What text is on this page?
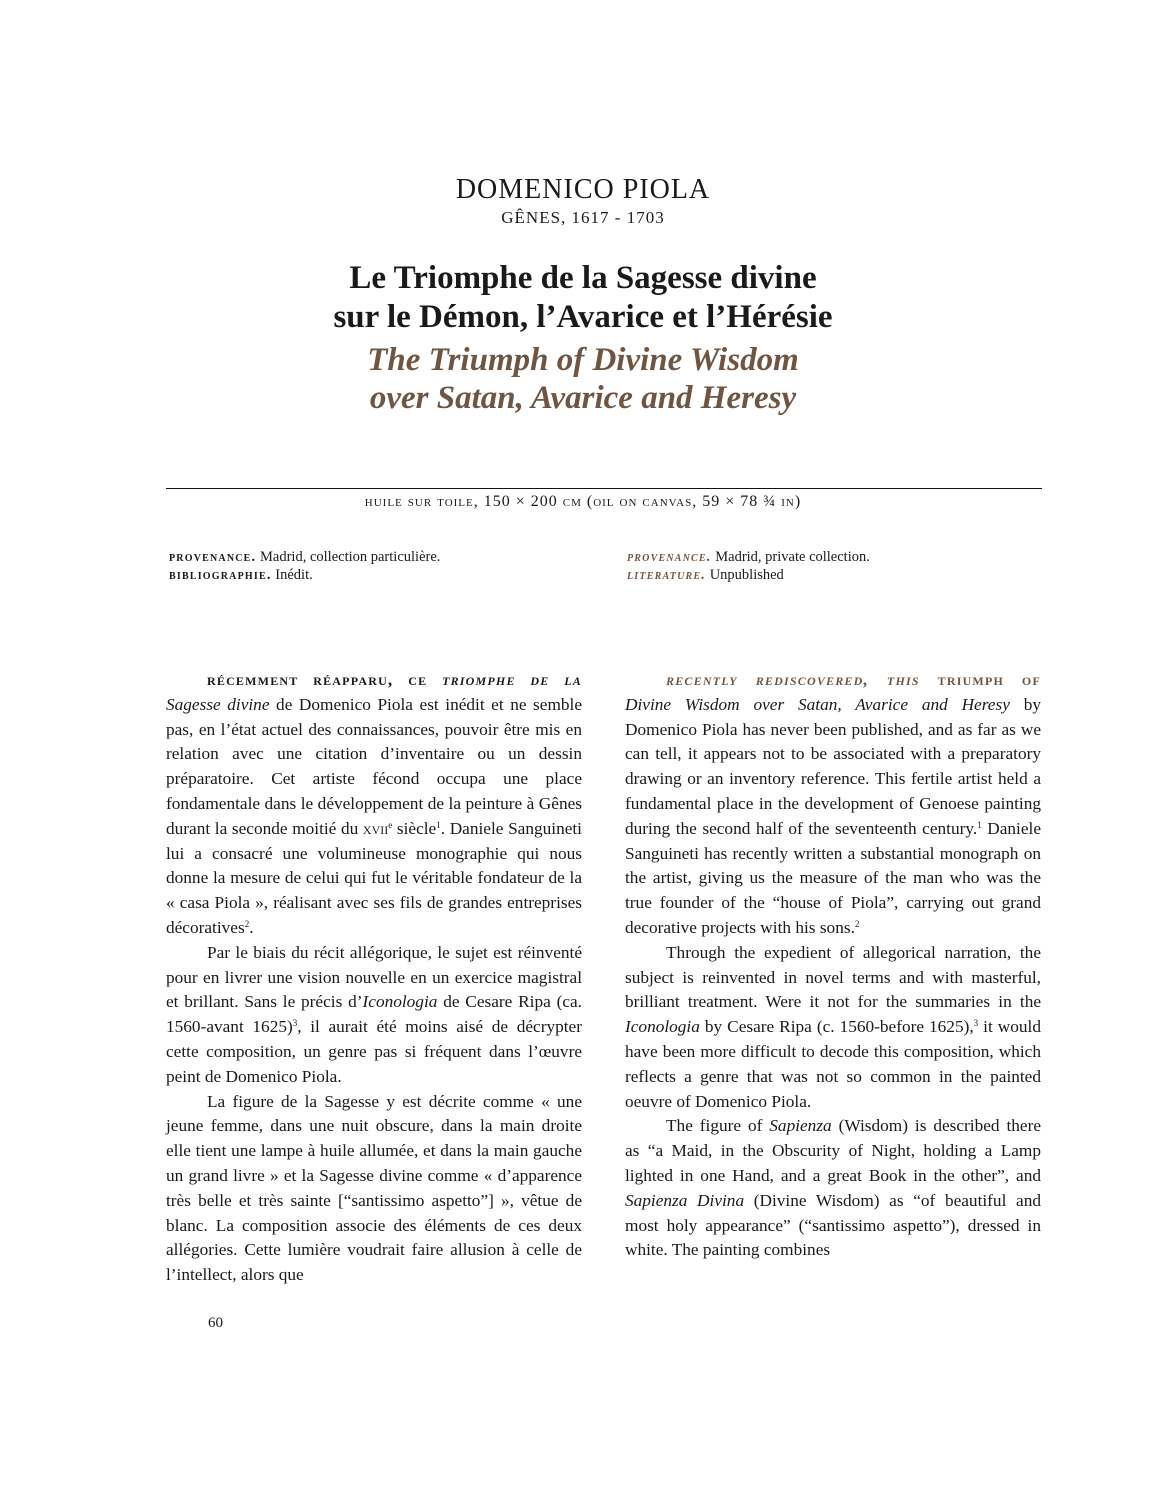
DOMENICO PIOLA
GÊNES, 1617 - 1703
Le Triomphe de la Sagesse divine
sur le Démon, l’Avarice et l’Hérésie
The Triumph of Divine Wisdom
over Satan, Avarice and Heresy
huile sur toile, 150 × 200 cm (oil on canvas, 59 × 78 ¾ in)
provenance. Madrid, collection particulière.
bibliographie. Inédit.
provenance. Madrid, private collection.
literature. Unpublished

récemment réapparu, ce triomphe de la Sagesse divine de Domenico Piola est inédit et ne semble pas, en l’état actuel des connaissances, pouvoir être mis en relation avec une citation d’inventaire ou un dessin préparatoire. Cet artiste fécond occupa une place fondamentale dans le développement de la peinture à Gênes durant la seconde moitié du xvii$^e$ siècle$^1$. Daniele Sanguineti lui a consacré une volumineuse monographie qui nous donne la mesure de celui qui fut le véritable fondateur de la « casa Piola », réalisant avec ses fils de grandes entreprises décoratives$^2$.

Par le biais du récit allégorique, le sujet est réinventé pour en livrer une vision nouvelle en un exercice magistral et brillant. Sans le précis d’Iconologia de Cesare Ripa (ca. 1560-avant 1625)$^3$, il aurait été moins aisé de décrypter cette composition, un genre pas si fréquent dans l’œuvre peint de Domenico Piola.

La figure de la Sagesse y est décrite comme « une jeune femme, dans une nuit obscure, dans la main droite elle tient une lampe à huile allumée, et dans la main gauche un grand livre » et la Sagesse divine comme « d’apparence très belle et très sainte [“santissimo aspetto”] », vêtue de blanc. La composition associe des éléments de ces deux allégories. Cette lumière voudrait faire allusion à celle de l’intellect, alors que

recently rediscovered, this triumph of Divine Wisdom over Satan, Avarice and Heresy by Domenico Piola has never been published, and as far as we can tell, it appears not to be associated with a preparatory drawing or an inventory reference. This fertile artist held a fundamental place in the development of Genoese painting during the second half of the seventeenth century.$^1$ Daniele Sanguineti has recently written a substantial monograph on the artist, giving us the measure of the man who was the true founder of the “house of Piola”, carrying out grand decorative projects with his sons.$^2$

Through the expedient of allegorical narration, the subject is reinvented in novel terms and with masterful, brilliant treatment. Were it not for the summaries in the Iconologia by Cesare Ripa (c. 1560-before 1625),$^3$ it would have been more difficult to decode this composition, which reflects a genre that was not so common in the painted oeuvre of Domenico Piola.

The figure of Sapienza (Wisdom) is described there as “a Maid, in the Obscurity of Night, holding a Lamp lighted in one Hand, and a great Book in the other”, and Sapienza Divina (Divine Wisdom) as “of beautiful and most holy appearance” (“santissimo aspetto”), dressed in white. The painting combines

60
